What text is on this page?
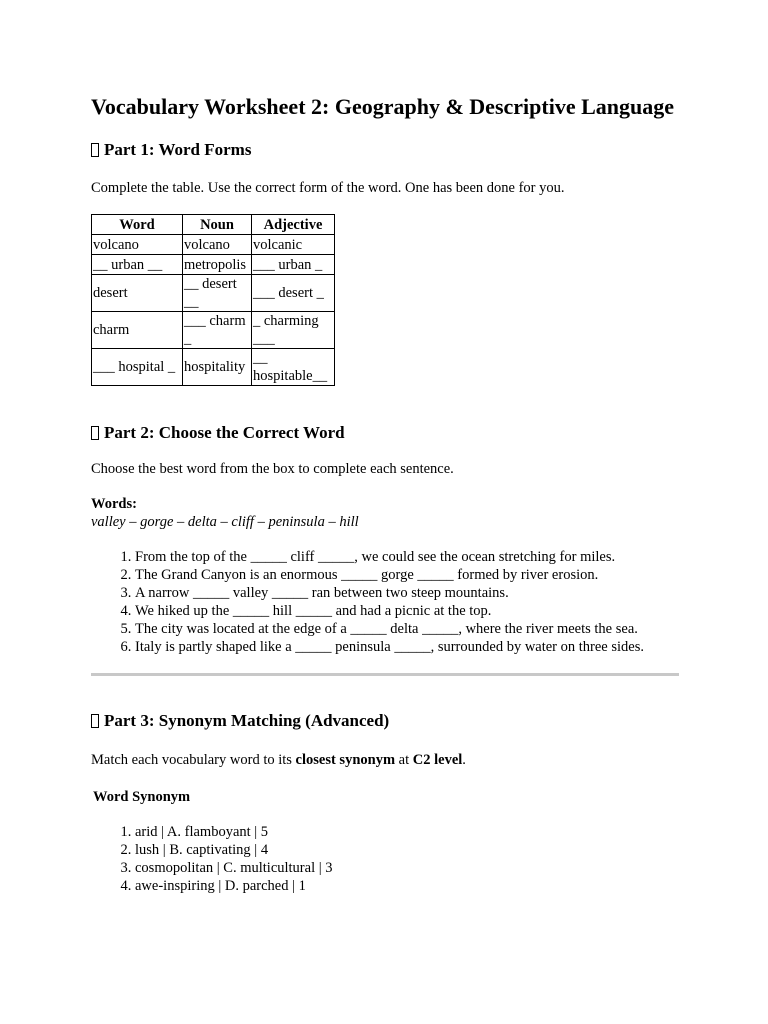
Vocabulary Worksheet 2: Geography & Descriptive Language
Part 1: Word Forms

Complete the table. Use the correct form of the word. One has been done for you.

Word	Noun	Adjective
volcano	volcano	volcanic
__ urban __	metropolis	___ urban _
desert	__ desert __	___ desert _
charm	___ charm _	_ charming ___
___ hospital _	hospitality	__ hospitable__
Part 2: Choose the Correct Word

Choose the best word from the box to complete each sentence.

Words:

valley – gorge – delta – cliff – peninsula – hill

1. From the top of the _____ cliff _____, we could see the ocean stretching for miles.
2. The Grand Canyon is an enormous _____ gorge _____ formed by river erosion.
3. A narrow _____ valley _____ ran between two steep mountains.
4. We hiked up the _____ hill _____ and had a picnic at the top.
5. The city was located at the edge of a _____ delta _____, where the river meets the sea.
6. Italy is partly shaped like a _____ peninsula _____, surrounded by water on three sides.
Part 3: Synonym Matching (Advanced)

Match each vocabulary word to its closest synonym at C2 level.

Word Synonym

1. arid | A. flamboyant | 5
2. lush | B. captivating | 4
3. cosmopolitan | C. multicultural | 3
4. awe-inspiring | D. parched | 1
